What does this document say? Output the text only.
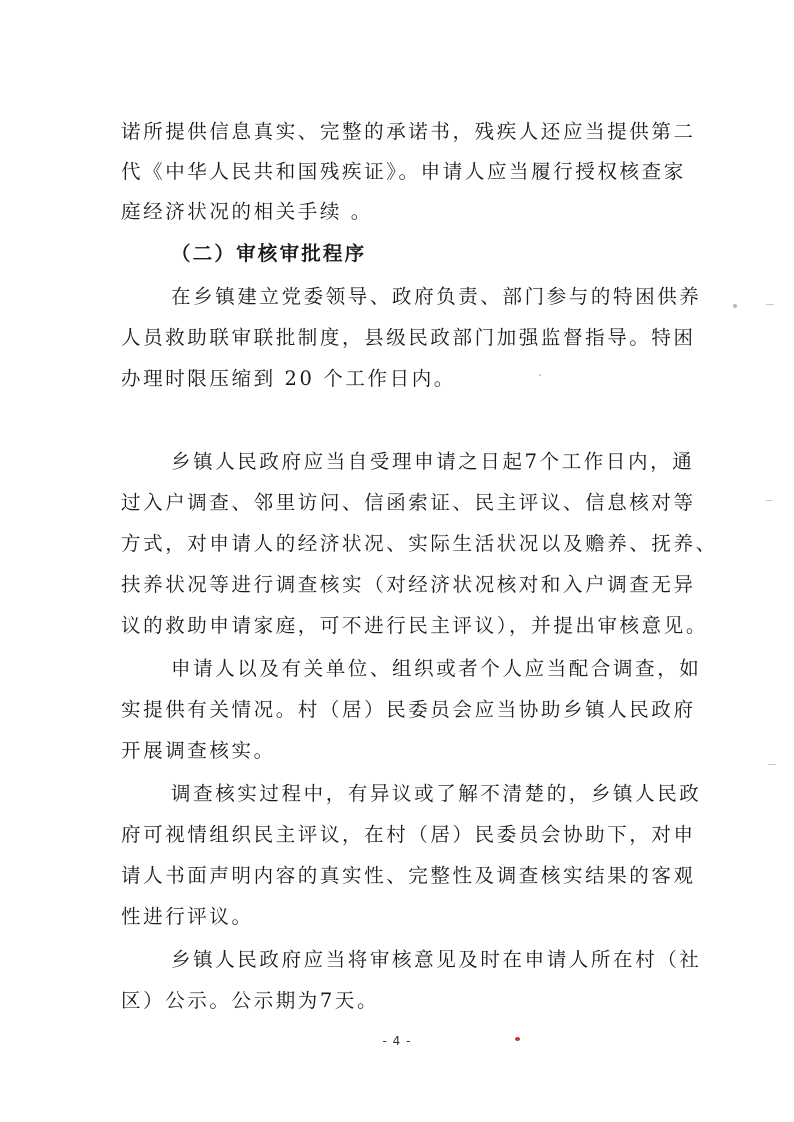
诺所提供信息真实、完整的承诺书，残疾人还应当提供第二
代《中华人民共和国残疾证》。申请人应当履行授权核查家
庭经济状况的相关手续 。
（二）审核审批程序
在乡镇建立党委领导、政府负责、部门参与的特困供养
人员救助联审联批制度，县级民政部门加强监督指导。特困
办理时限压缩到 20 个工作日内。
乡镇人民政府应当自受理申请之日起7个工作日内，通
过入户调查、邻里访问、信函索证、民主评议、信息核对等
方式，对申请人的经济状况、实际生活状况以及赡养、抚养、
扶养状况等进行调查核实（对经济状况核对和入户调查无异
议的救助申请家庭，可不进行民主评议），并提出审核意见。
申请人以及有关单位、组织或者个人应当配合调查，如
实提供有关情况。村（居）民委员会应当协助乡镇人民政府
开展调查核实。
调查核实过程中，有异议或了解不清楚的，乡镇人民政
府可视情组织民主评议，在村（居）民委员会协助下，对申
请人书面声明内容的真实性、完整性及调查核实结果的客观
性进行评议。
乡镇人民政府应当将审核意见及时在申请人所在村（社
区）公示。公示期为7天。
- 4 -
